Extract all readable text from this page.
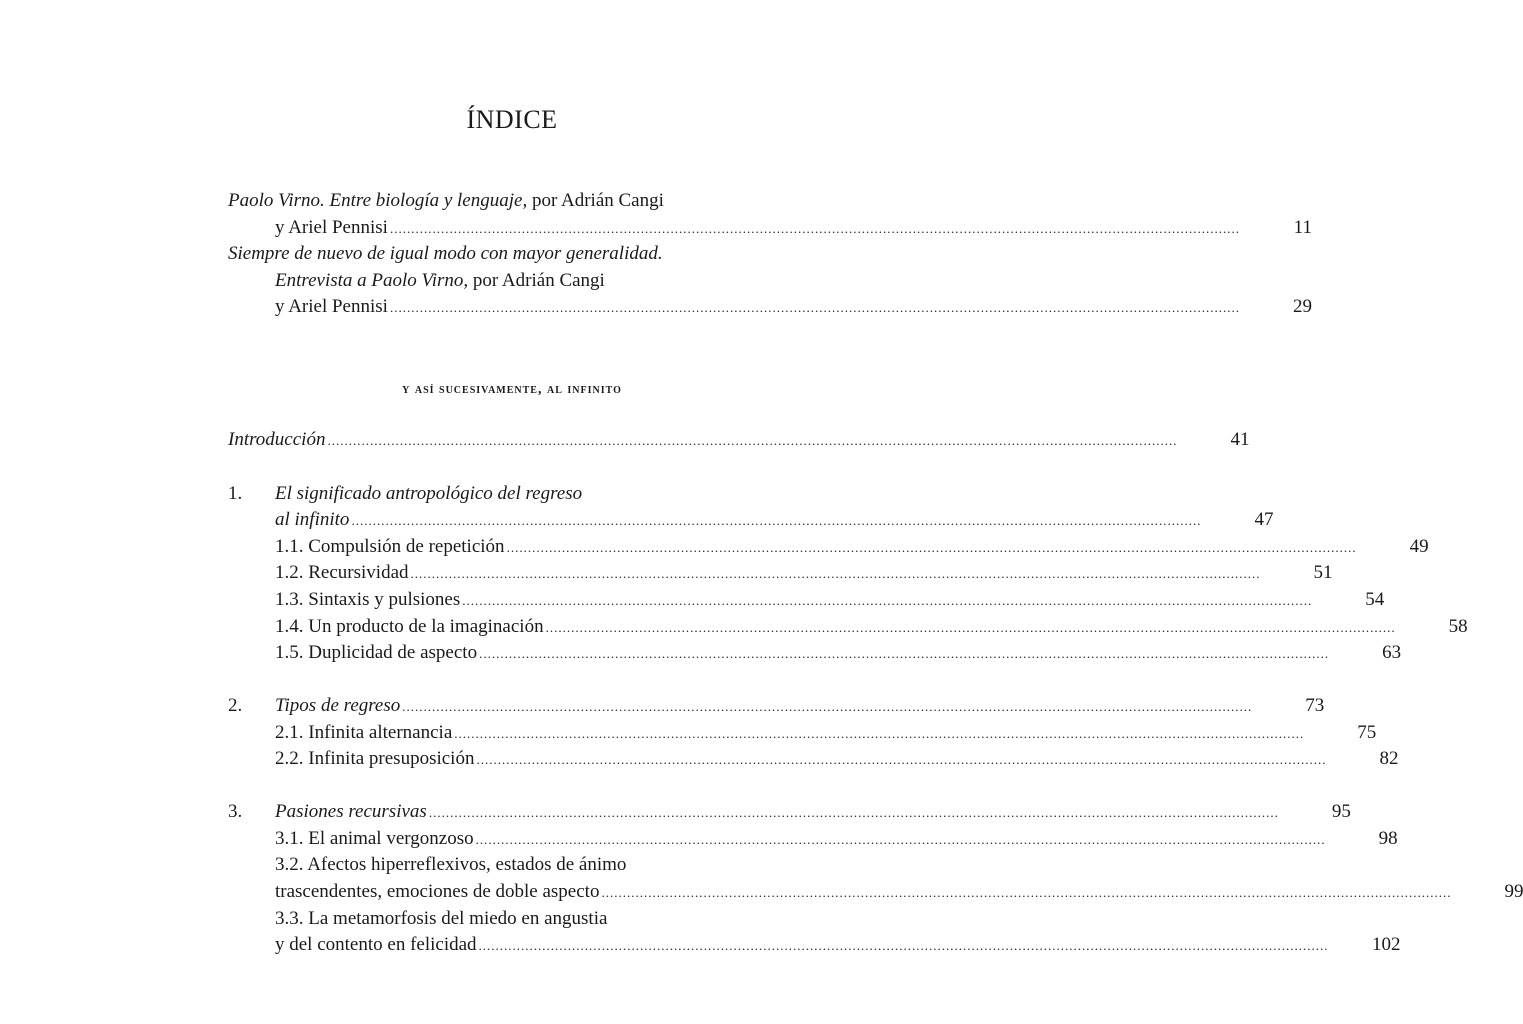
ÍNDICE
Paolo Virno. Entre biología y lenguaje, por Adrián Cangi
y Ariel Pennisi ........................................................................................................................................................................................................	11
Siempre de nuevo de igual modo con mayor generalidad.
Entrevista a Paolo Virno, por Adrián Cangi
y Ariel Pennisi ........................................................................................................................................................................................................	29
y así sucesivamente, al infinito
Introducción ........................................................................................................................................................................................................	41
1.	El significado antropológico del regreso
al infinito ........................................................................................................................................................................................................	47
1.1. Compulsión de repetición ........................................................................................................................................................................................................	49
1.2. Recursividad ........................................................................................................................................................................................................	51
1.3. Sintaxis y pulsiones ........................................................................................................................................................................................................	54
1.4. Un producto de la imaginación ........................................................................................................................................................................................................	58
1.5. Duplicidad de aspecto ........................................................................................................................................................................................................	63
2.	Tipos de regreso ........................................................................................................................................................................................................	73
2.1. Infinita alternancia ........................................................................................................................................................................................................	75
2.2. Infinita presuposición ........................................................................................................................................................................................................	82
3.	Pasiones recursivas ........................................................................................................................................................................................................	95
3.1. El animal vergonzoso ........................................................................................................................................................................................................	98
3.2. Afectos hiperreflexivos, estados de ánimo
trascendentes, emociones de doble aspecto ........................................................................................................................................................................................................	99
3.3. La metamorfosis del miedo en angustia
y del contento en felicidad ........................................................................................................................................................................................................	102
